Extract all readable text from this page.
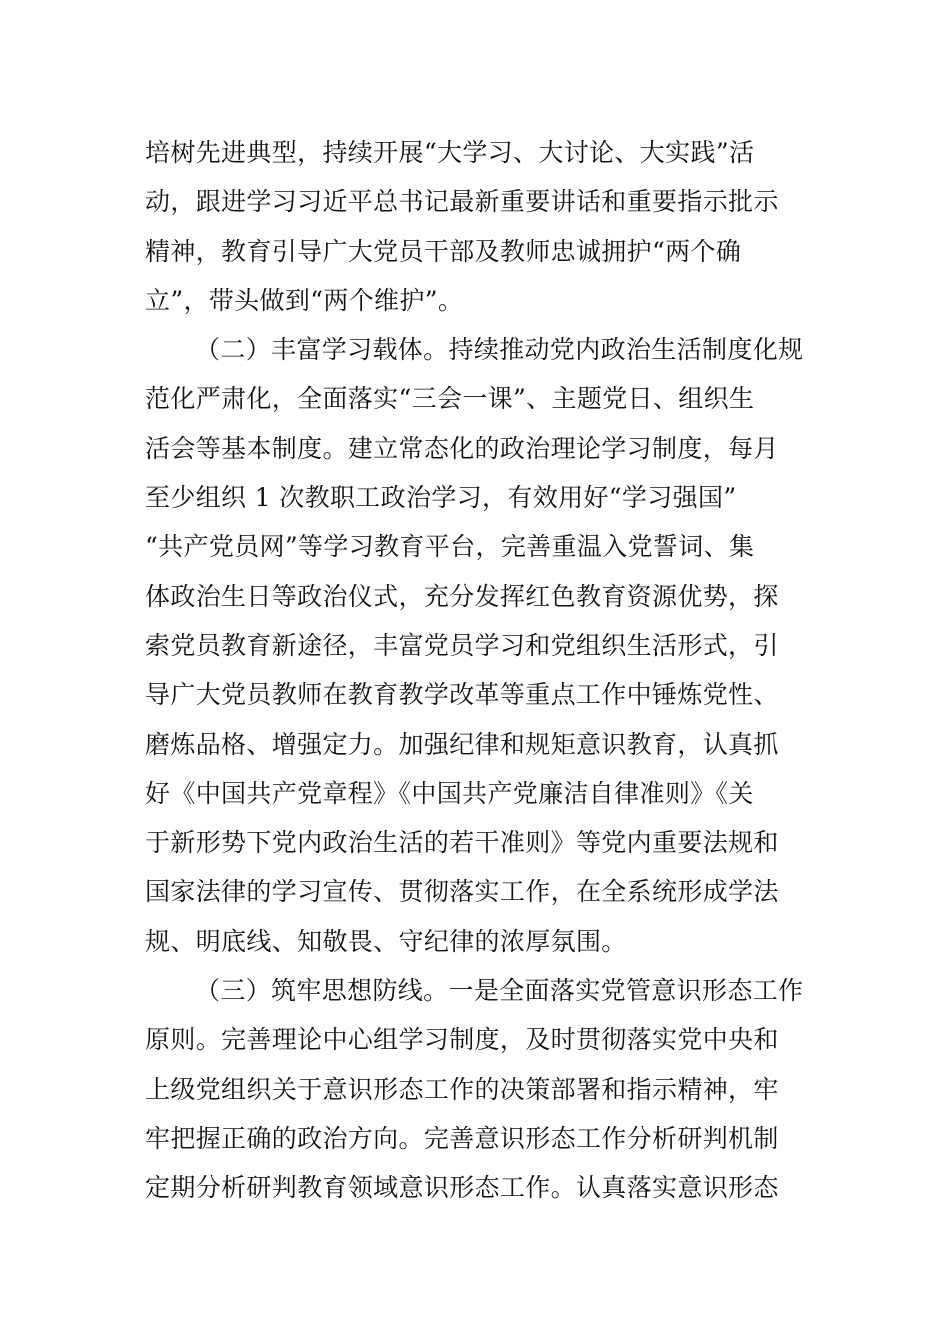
培树先进典型，持续开展“大学习、大讨论、大实践”活
动，跟进学习习近平总书记最新重要讲话和重要指示批示
精神，教育引导广大党员干部及教师忠诚拥护“两个确
立”，带头做到“两个维护”。
（二）丰富学习载体。持续推动党内政治生活制度化规
范化严肃化，全面落实“三会一课”、主题党日、组织生
活会等基本制度。建立常态化的政治理论学习制度，每月
至少组织 1 次教职工政治学习，有效用好“学习强国”
“共产党员网”等学习教育平台，完善重温入党誓词、集
体政治生日等政治仪式，充分发挥红色教育资源优势，探
索党员教育新途径，丰富党员学习和党组织生活形式，引
导广大党员教师在教育教学改革等重点工作中锤炼党性、
磨炼品格、增强定力。加强纪律和规矩意识教育，认真抓
好《中国共产党章程》《中国共产党廉洁自律准则》《关
于新形势下党内政治生活的若干准则》等党内重要法规和
国家法律的学习宣传、贯彻落实工作，在全系统形成学法
规、明底线、知敬畏、守纪律的浓厚氛围。
（三）筑牢思想防线。一是全面落实党管意识形态工作
原则。完善理论中心组学习制度，及时贯彻落实党中央和
上级党组织关于意识形态工作的决策部署和指示精神，牢
牢把握正确的政治方向。完善意识形态工作分析研判机制
定期分析研判教育领域意识形态工作。认真落实意识形态
